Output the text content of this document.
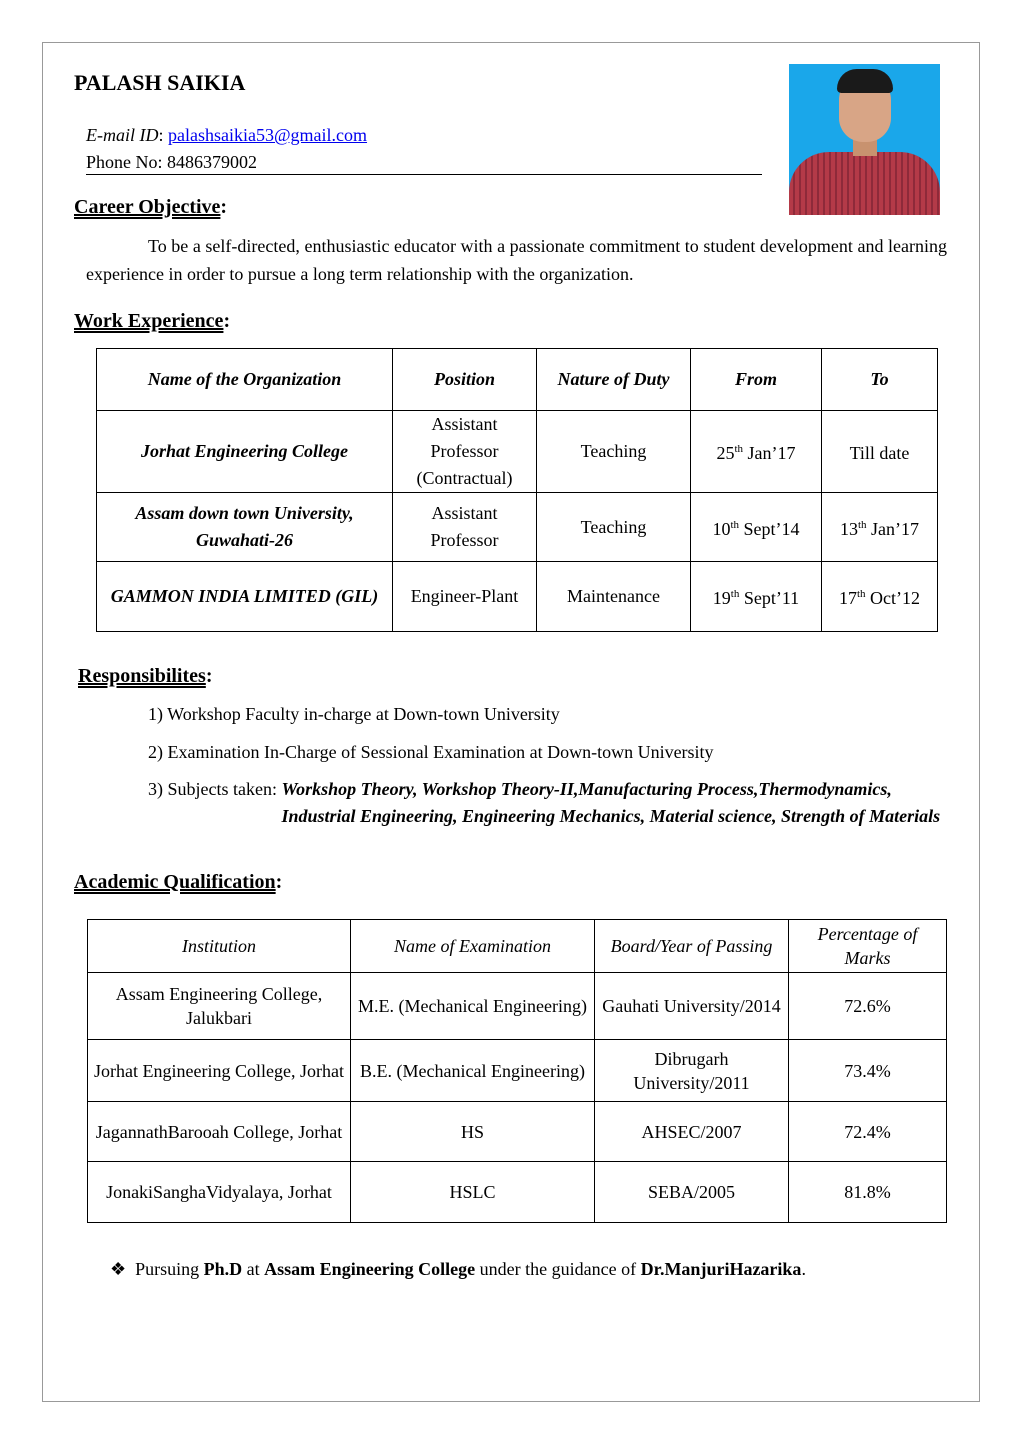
PALASH SAIKIA
E-mail ID: palashsaikia53@gmail.com
Phone No: 8486379002
Career Objective:
To be a self-directed, enthusiastic educator with a passionate commitment to student development and learning experience in order to pursue a long term relationship with the organization.
Work Experience:
Name of the Organization	Position	Nature of Duty	From	To
Jorhat Engineering College	Assistant Professor (Contractual)	Teaching	25th Jan’17	Till date
Assam down town University, Guwahati-26	Assistant Professor	Teaching	10th Sept’14	13th Jan’17
GAMMON INDIA LIMITED (GIL)	Engineer-Plant	Maintenance	19th Sept’11	17th Oct’12
Responsibilites:
1) Workshop Faculty in-charge at Down-town University
2) Examination In-Charge of Sessional Examination at Down-town University
3) Subjects taken: Workshop Theory, Workshop Theory-II,Manufacturing Process,Thermodynamics, Industrial Engineering, Engineering Mechanics, Material science, Strength of Materials
Academic Qualification:
Institution	Name of Examination	Board/Year of Passing	Percentage of Marks
Assam Engineering College, Jalukbari	M.E. (Mechanical Engineering)	Gauhati University/2014	72.6%
Jorhat Engineering College, Jorhat	B.E. (Mechanical Engineering)	Dibrugarh University/2011	73.4%
JagannathBarooah College, Jorhat	HS	AHSEC/2007	72.4%
JonakiSanghaVidyalaya, Jorhat	HSLC	SEBA/2005	81.8%
❖ Pursuing Ph.D at Assam Engineering College under the guidance of Dr.ManjuriHazarika.
